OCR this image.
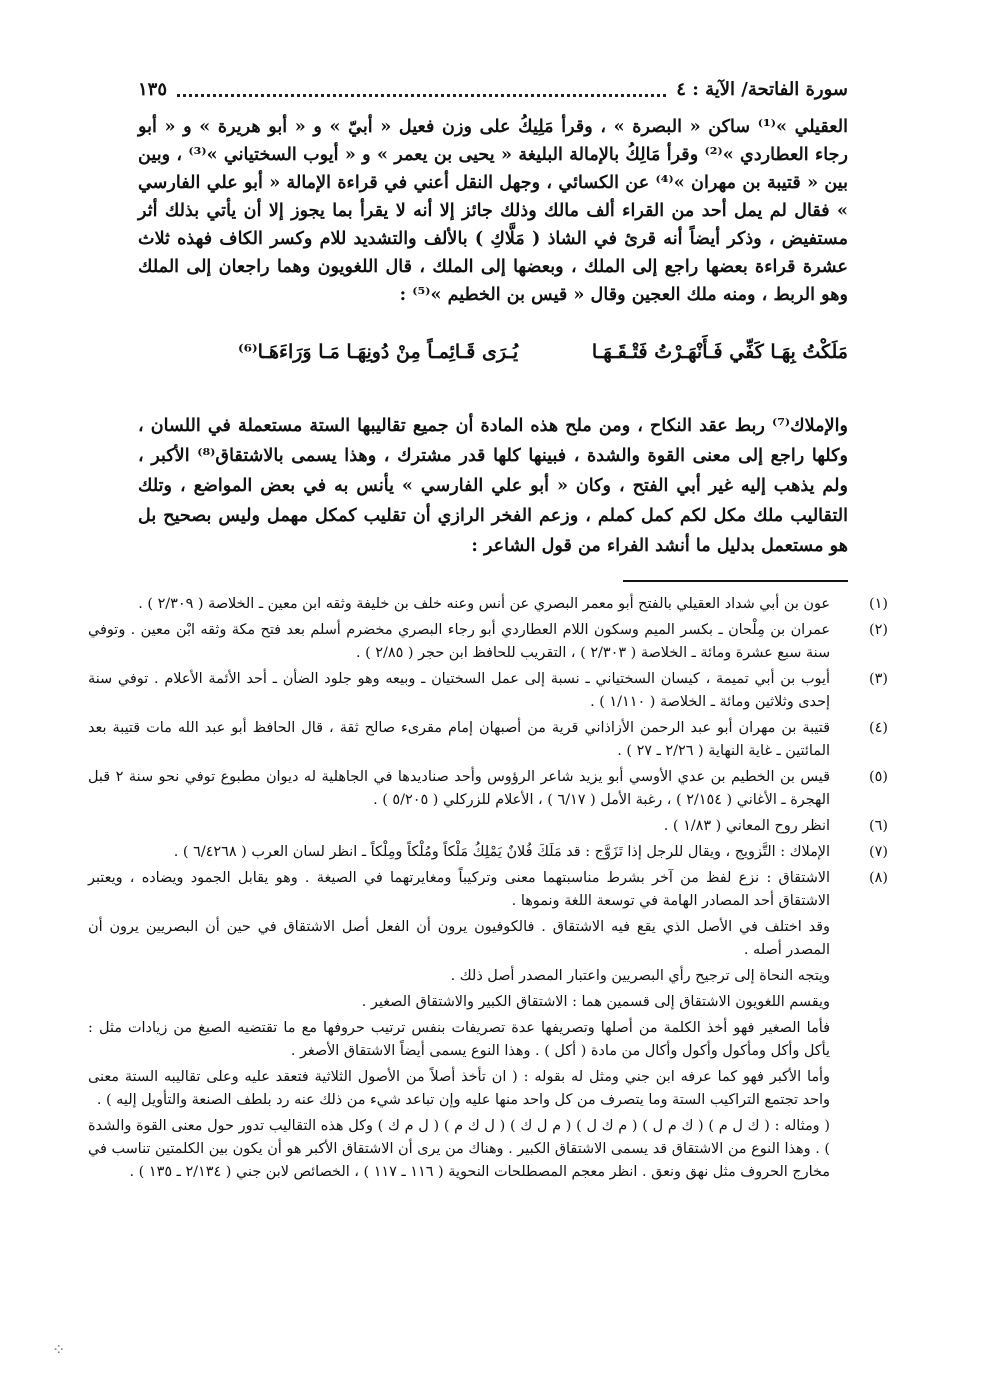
سورة الفاتحة/ الآية : ٤
١٣٥

العقيلي »⁽¹⁾ ساكن « البصرة » ، وقرأ مَلِيكُ على وزن فعيل « أبيّ » و « أبو هريرة » و « أبو رجاء العطاردي »⁽²⁾ وقرأ مَالِكُ بالإمالة البليغة « يحيى بن يعمر » و « أيوب السختياني »⁽³⁾ ، وبين بين « قتيبة بن مهران »⁽⁴⁾ عن الكسائي ، وجهل النقل أعني في قراءة الإمالة « أبو علي الفارسي » فقال لم يمل أحد من القراء ألف مالك وذلك جائز إلا أنه لا يقرأ بما يجوز إلا أن يأتي بذلك أثر مستفيض ، وذكر أيضاً أنه قرئ في الشاذ ( مَلَّاكِ ) بالألف والتشديد للام وكسر الكاف فهذه ثلاث عشرة قراءة بعضها راجع إلى الملك ، وبعضها إلى الملك ، قال اللغويون وهما راجعان إلى الملك وهو الربط ، ومنه ملك العجين وقال « قيس بن الخطيم »⁽⁵⁾ :

مَلَكْتُ بِهَـا كَفِّي فَـأَنْهَـرْتُ فَتْـقَـهَـا
يُـرَى قَـائِمـاً مِنْ دُونِهَـا مَـا وَرَاءَهَـا⁽⁶⁾

والإملاك⁽⁷⁾ ربط عقد النكاح ، ومن ملح هذه المادة أن جميع تقاليبها الستة مستعملة في اللسان ، وكلها راجع إلى معنى القوة والشدة ، فبينها كلها قدر مشترك ، وهذا يسمى بالاشتقاق⁽⁸⁾ الأكبر ، ولم يذهب إليه غير أبي الفتح ، وكان « أبو علي الفارسي » يأنس به في بعض المواضع ، وتلك التقاليب ملك مكل لكم كمل كملم ، وزعم الفخر الرازي أن تقليب كمكل مهمل وليس بصحيح بل هو مستعمل بدليل ما أنشد الفراء من قول الشاعر :

(١)
عون بن أبي شداد العقيلي بالفتح أبو معمر البصري عن أنس وعنه خلف بن خليفة وثقه ابن معين ـ الخلاصة ( ٢/٣٠٩ ) .
(٢)
عمران بن مِلْحان ـ بكسر الميم وسكون اللام العطاردي أبو رجاء البصري مخضرم أسلم بعد فتح مكة وثقه ابْن معين . وتوفي سنة سبع عشرة ومائة ـ الخلاصة ( ٢/٣٠٣ ) ، التقريب للحافظ ابن حجر ( ٢/٨٥ ) .
(٣)
أيوب بن أبي تميمة ، كيسان السختياني ـ نسبة إلى عمل السختيان ـ وبيعه وهو جلود الضأن ـ أحد الأئمة الأعلام . توفي سنة إحدى وثلاثين ومائة ـ الخلاصة ( ١/١١٠ ) .
(٤)
قتيبة بن مهران أبو عبد الرحمن الأزاذاني قرية من أصبهان إمام مقرىء صالح ثقة ، قال الحافظ أبو عبد الله مات قتيبة بعد المائتين ـ غاية النهاية ( ٢/٢٦ ـ ٢٧ ) .
(٥)
قيس بن الخطيم بن عدي الأوسي أبو يزيد شاعر الرؤوس وأحد صناديدها في الجاهلية له ديوان مطبوع توفي نحو سنة ٢ قبل الهجرة ـ الأغاني ( ٢/١٥٤ ) ، رغبة الأمل ( ٦/١٧ ) ، الأعلام للزركلي ( ٥/٢٠٥ ) .
(٦)
انظر روح المعاني ( ١/٨٣ ) .
(٧)
الإملاك : التَّزويج ، ويقال للرجل إذا تَزَوَّج : قد مَلَكَ فُلانٌ يَمْلِكُ مَلْكاً ومُلْكاً ومِلْكاً ـ انظر لسان العرب ( ٦/٤٢٦٨ ) .
(٨)
الاشتقاق : نزع لفظ من آخر بشرط مناسبتهما معنى وتركيباً ومغايرتهما في الصيغة . وهو يقابل الجمود ويضاده ، ويعتبر الاشتقاق أحد المصادر الهامة في توسعة اللغة ونموها .
وقد اختلف في الأصل الذي يقع فيه الاشتقاق . فالكوفيون يرون أن الفعل أصل الاشتقاق في حين أن البصريين يرون أن المصدر أصله .
ويتجه النحاة إلى ترجيح رأي البصريين واعتبار المصدر أصل ذلك .
ويقسم اللغويون الاشتقاق إلى قسمين هما : الاشتقاق الكبير والاشتقاق الصغير .
فأما الصغير فهو أخذ الكلمة من أصلها وتصريفها عدة تصريفات بنفس ترتيب حروفها مع ما تقتضيه الصيغ من زيادات مثل : يأكل وأكل ومأكول وأكول وأكال من مادة ( أكل ) . وهذا النوع يسمى أيضاً الاشتقاق الأصغر .
وأما الأكبر فهو كما عرفه ابن جني ومثل له بقوله : ( ان تأخذ أصلاً من الأصول الثلاثية فتعقد عليه وعلى تقاليبه الستة معنى واحد تجتمع التراكيب الستة وما يتصرف من كل واحد منها عليه وإن تباعد شيء من ذلك عنه رد بلطف الصنعة والتأويل إليه ) .
( ومثاله : ( ك ل م ) ( ك م ل ) ( م ك ل ) ( م ل ك ) ( ل ك م ) ( ل م ك ) وكل هذه التقاليب تدور حول معنى القوة والشدة ) . وهذا النوع من الاشتقاق قد يسمى الاشتقاق الكبير . وهناك من يرى أن الاشتقاق الأكبر هو أن يكون بين الكلمتين تناسب في مخارج الحروف مثل نهق ونعق . انظر معجم المصطلحات النحوية ( ١١٦ ـ ١١٧ ) ، الخصائص لابن جني ( ٢/١٣٤ ـ ١٣٥ ) .
⁘
